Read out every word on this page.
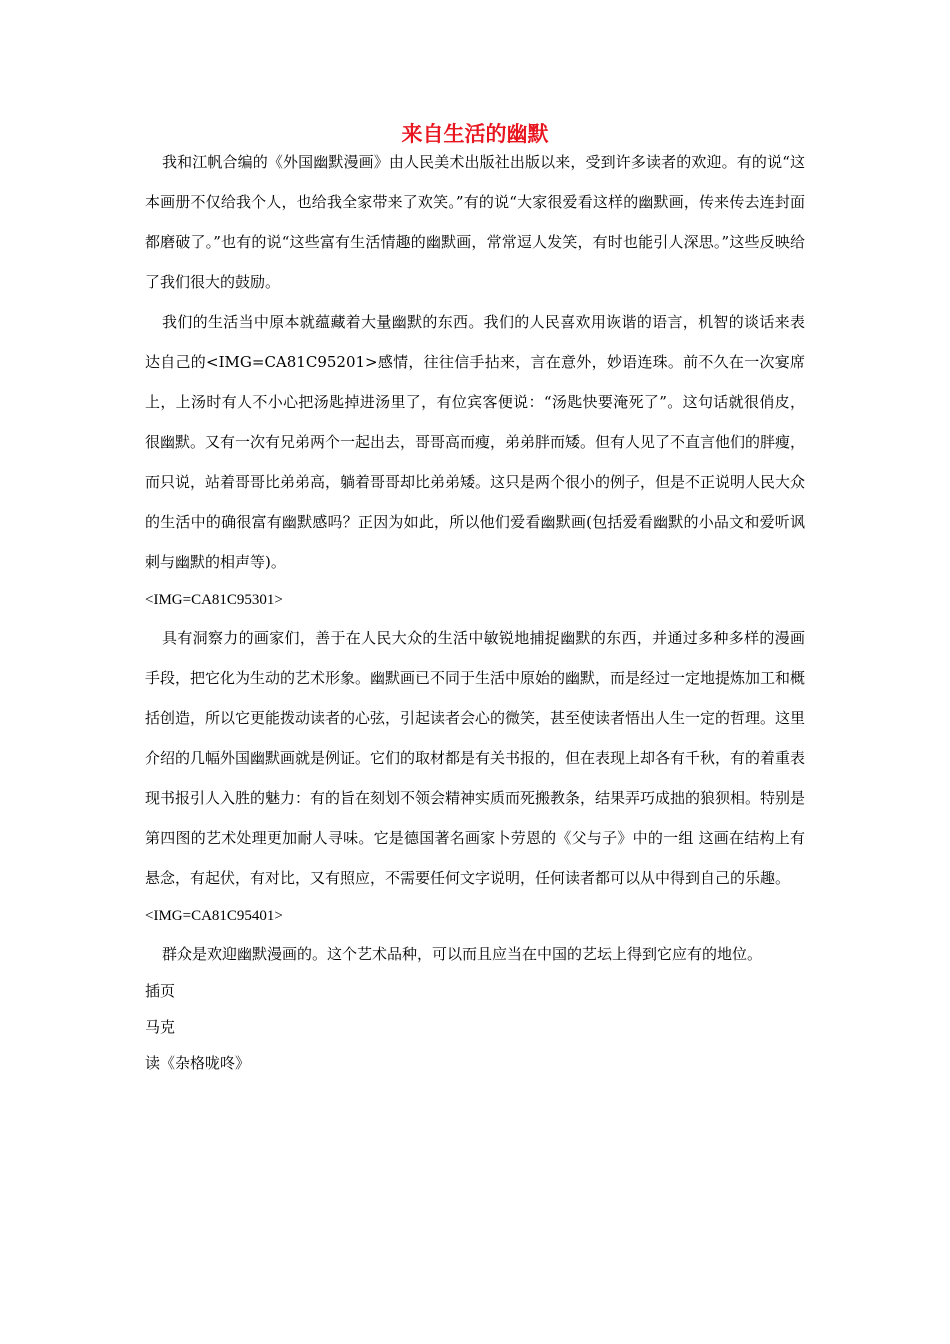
来自生活的幽默

我和江帆合编的《外国幽默漫画》由人民美术出版社出版以来，受到许多读者的欢迎。有的说“这本画册不仅给我个人，也给我全家带来了欢笑。”有的说“大家很爱看这样的幽默画，传来传去连封面都磨破了。”也有的说“这些富有生活情趣的幽默画，常常逗人发笑，有时也能引人深思。”这些反映给了我们很大的鼓励。

我们的生活当中原本就蕴藏着大量幽默的东西。我们的人民喜欢用诙谐的语言，机智的谈话来表达自己的<IMG=CA81C95201>感情，往往信手拈来，言在意外，妙语连珠。前不久在一次宴席上，上汤时有人不小心把汤匙掉进汤里了，有位宾客便说：“汤匙快要淹死了”。这句话就很俏皮，很幽默。又有一次有兄弟两个一起出去，哥哥高而瘦，弟弟胖而矮。但有人见了不直言他们的胖瘦，而只说，站着哥哥比弟弟高，躺着哥哥却比弟弟矮。这只是两个很小的例子，但是不正说明人民大众的生活中的确很富有幽默感吗？正因为如此，所以他们爱看幽默画(包括爱看幽默的小品文和爱听讽刺与幽默的相声等)。

<IMG=CA81C95301>

具有洞察力的画家们，善于在人民大众的生活中敏锐地捕捉幽默的东西，并通过多种多样的漫画手段，把它化为生动的艺术形象。幽默画已不同于生活中原始的幽默，而是经过一定地提炼加工和概括创造，所以它更能拨动读者的心弦，引起读者会心的微笑，甚至使读者悟出人生一定的哲理。这里介绍的几幅外国幽默画就是例证。它们的取材都是有关书报的，但在表现上却各有千秋，有的着重表现书报引人入胜的魅力：有的旨在刻划不领会精神实质而死搬教条，结果弄巧成拙的狼狈相。特别是第四图的艺术处理更加耐人寻味。它是德国著名画家卜劳恩的《父与子》中的一组 这画在结构上有悬念，有起伏，有对比，又有照应，不需要任何文字说明，任何读者都可以从中得到自己的乐趣。

<IMG=CA81C95401>

群众是欢迎幽默漫画的。这个艺术品种，可以而且应当在中国的艺坛上得到它应有的地位。

插页

马克

读《杂格咙咚》
